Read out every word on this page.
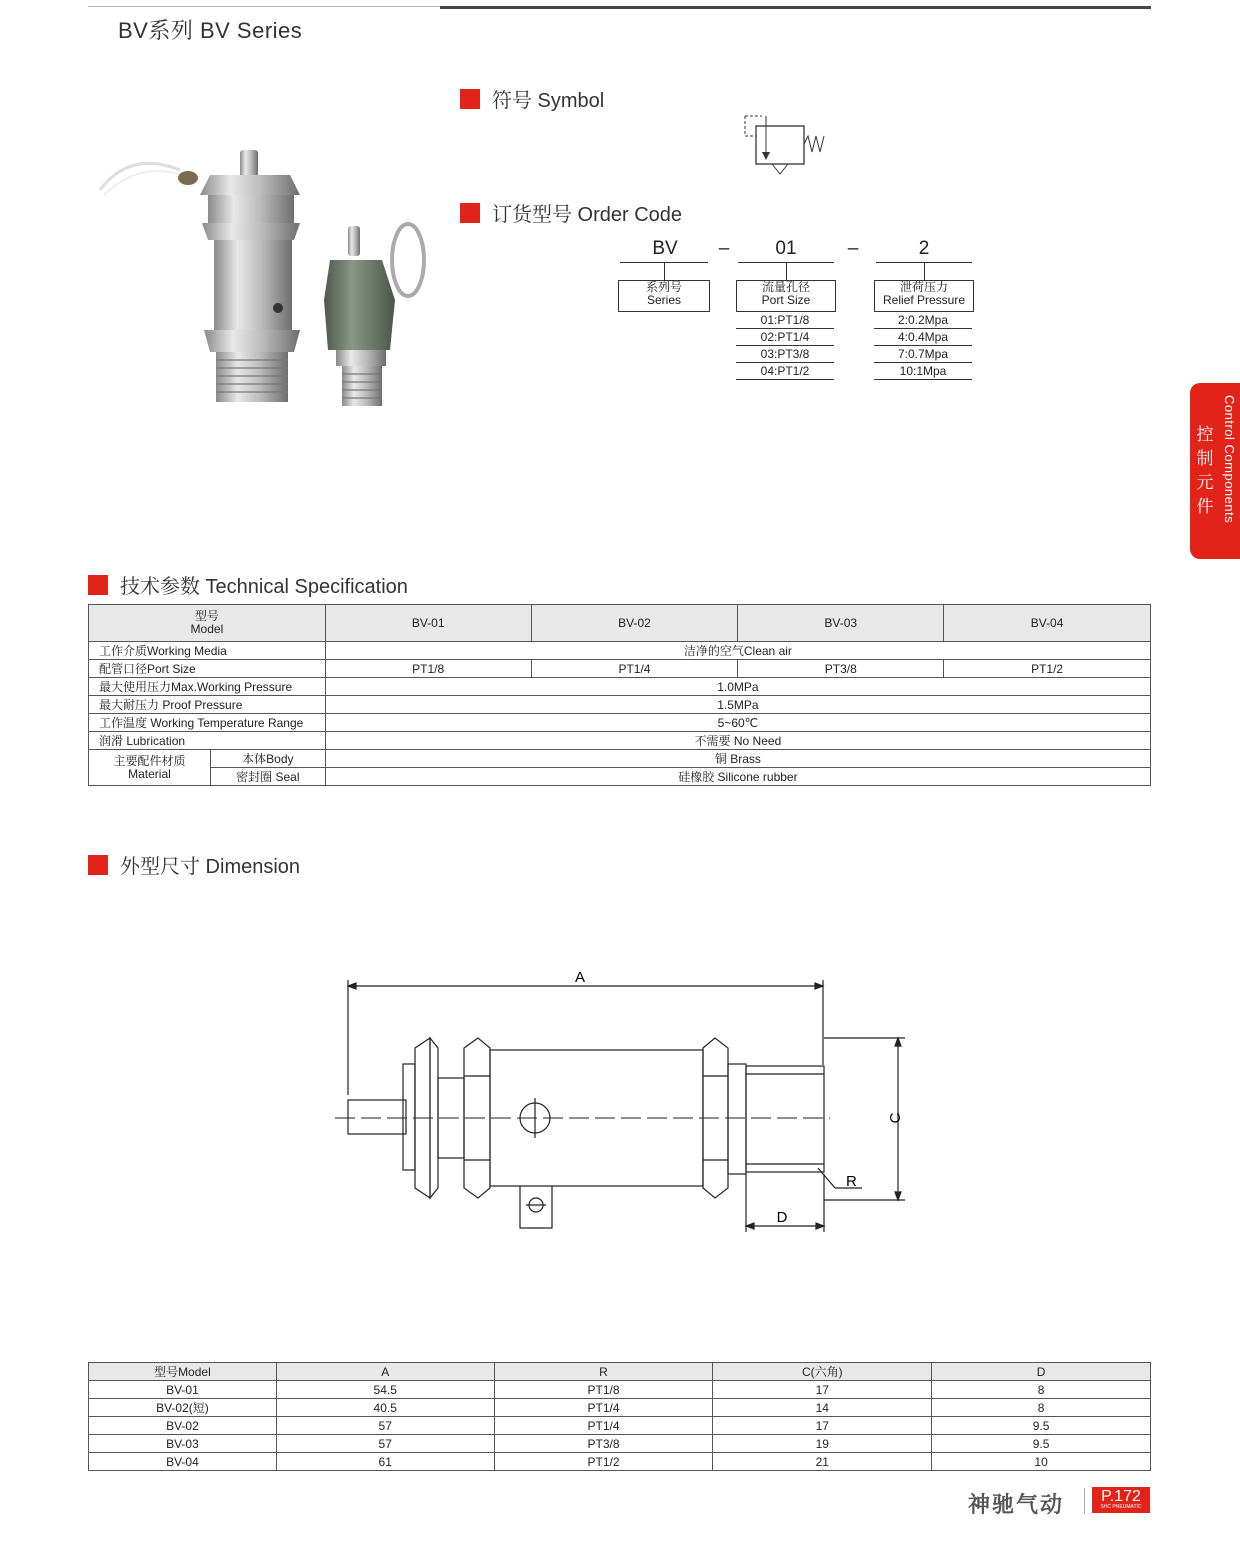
BV系列 BV Series
符号 Symbol
订货型号 Order Code
BV	–	01	–	2
系列号
Series
流量孔径
Port Size
泄荷压力
Relief Pressure
01:PT1/8
02:PT1/4
03:PT3/8
04:PT1/2
2:0.2Mpa
4:0.4Mpa
7:0.7Mpa
10:1Mpa
控
制
元
件 Control Components
技术参数 Technical Specification
型号
Model		BV-01	BV-02	BV-03	BV-04
工作介质Working Media		洁净的空气Clean air			
配管口径Port Size		PT1/8	PT1/4	PT3/8	PT1/2
最大使用压力Max.Working Pressure		1.0MPa			
最大耐压力 Proof Pressure		1.5MPa			
工作温度 Working Temperature Range		5~60℃			
润滑 Lubrication		不需要 No Need			

主要配件材质
Material	本体Body	铜 Brass			
	密封圈 Seal	硅橡胶 Silicone rubber			
外型尺寸 Dimension
A
C
R
D
型号Model	A	R	C(六角)	D
BV-01	54.5	PT1/8	17	8
BV-02(短)	40.5	PT1/4	14	8
BV-02	57	PT1/4	17	9.5
BV-03	57	PT3/8	19	9.5
BV-04	61	PT1/2	21	10
神驰气动	P.172
SHC PNEUMATIC
